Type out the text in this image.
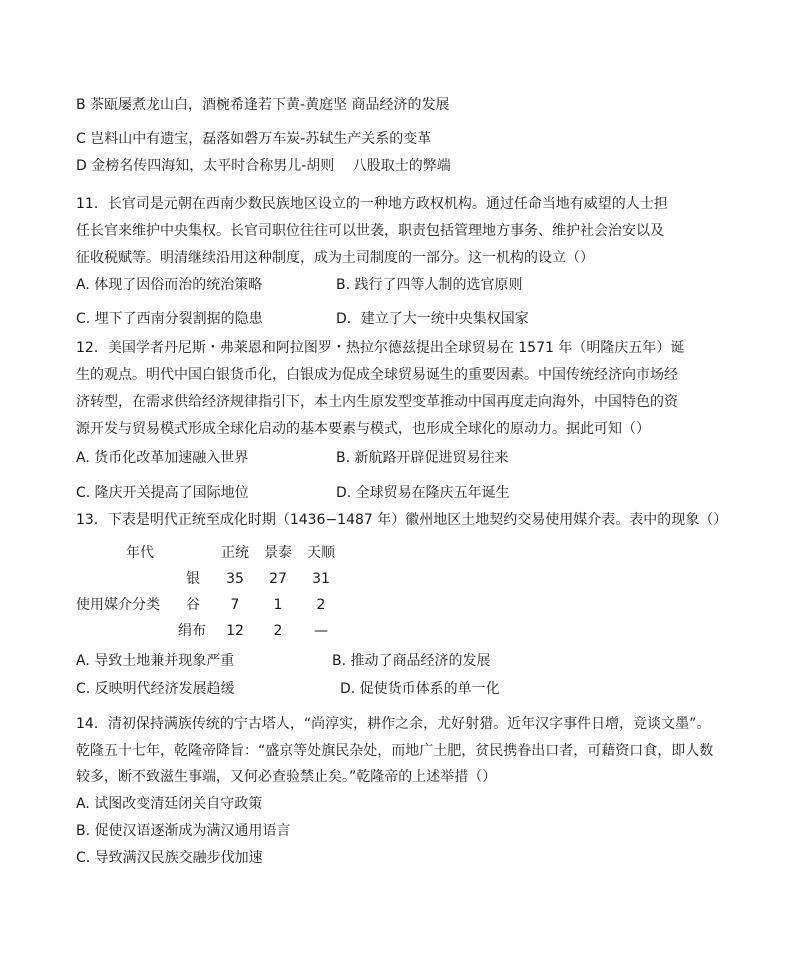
B 茶瓯屡煮龙山白，酒椀希逢若下黄-黄庭坚 商品经济的发展
C 岂料山中有遗宝，磊落如磬万车炭-苏轼生产关系的变革
D 金榜名传四海知，太平时合称男儿-胡则　 八股取士的弊端
11．长官司是元朝在西南少数民族地区设立的一种地方政权机构。通过任命当地有威望的人士担
任长官来维护中央集权。长官司职位往往可以世袭，职责包括管理地方事务、维护社会治安以及
征收税赋等。明清继续沿用这种制度，成为土司制度的一部分。这一机构的设立（）
A. 体现了因俗而治的统治策略	B. 践行了四等人制的选官原则
C. 埋下了西南分裂割据的隐患	D．建立了大一统中央集权国家
12．美国学者丹尼斯・弗莱恩和阿拉图罗・热拉尔德兹提出全球贸易在 1571 年（明隆庆五年）诞
生的观点。明代中国白银货币化，白银成为促成全球贸易诞生的重要因素。中国传统经济向市场经
济转型，在需求供给经济规律指引下，本土内生原发型变革推动中国再度走向海外，中国特色的资
源开发与贸易模式形成全球化启动的基本要素与模式，也形成全球化的原动力。据此可知（）
A. 货币化改革加速融入世界	B. 新航路开辟促进贸易往来
C. 隆庆开关提高了国际地位	D. 全球贸易在隆庆五年诞生
13．下表是明代正统至成化时期（1436−1487 年）徽州地区土地契约交易使用媒介表。表中的现象（）
年代	正统 景泰 天顺
使用媒介分类
银	35	27	31
谷	7	1	2
绢布	12	2	—
A. 导致土地兼并现象严重	B. 推动了商品经济的发展
C. 反映明代经济发展趋缓	D. 促使货币体系的单一化
14．清初保持满族传统的宁古塔人，“尚淳实，耕作之余，尤好射猎。近年汉字事件日增，竞谈文墨”。
乾隆五十七年，乾隆帝降旨：“盛京等处旗民杂处，而地广土肥，贫民携眷出口者，可藉资口食，即人数
较多，断不致滋生事端，又何必查验禁止矣。”乾隆帝的上述举措（）
A. 试图改变清廷闭关自守政策
B. 促使汉语逐渐成为满汉通用语言
C. 导致满汉民族交融步伐加速
